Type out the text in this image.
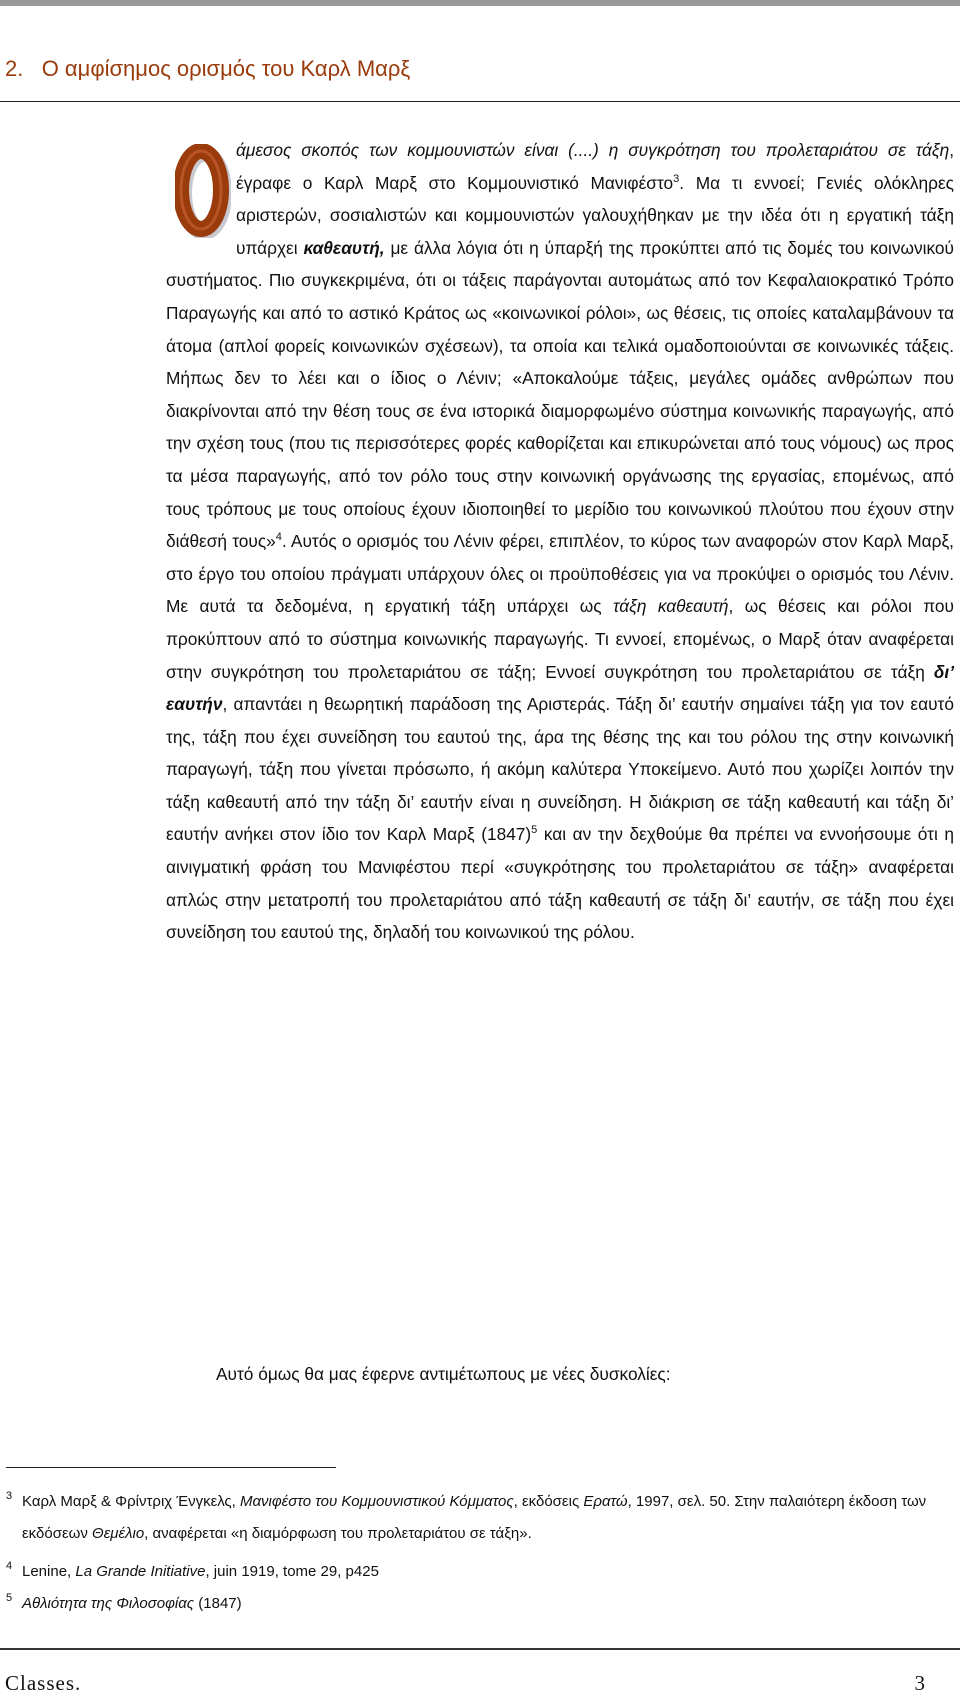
2. Ο αμφίσημος ορισμός του Καρλ Μαρξ

άμεσος σκοπός των κομμουνιστών είναι (....) η συγκρότηση του προλεταριάτου σε τάξη, έγραφε ο Καρλ Μαρξ στο Κομμουνιστικό Μανιφέστο$^3$. Μα τι εννοεί; Γενιές ολόκληρες αριστερών, σοσιαλιστών και κομμουνιστών γαλουχήθηκαν με την ιδέα ότι η εργατική τάξη υπάρχει καθεαυτή, με άλλα λόγια ότι η ύπαρξή της προκύπτει από τις δομές του κοινωνικού συστήματος. Πιο συγκεκριμένα, ότι οι τάξεις παράγονται αυτομάτως από τον Κεφαλαιοκρατικό Τρόπο Παραγωγής και από το αστικό Κράτος ως «κοινωνικοί ρόλοι», ως θέσεις, τις οποίες καταλαμβάνουν τα άτομα (απλοί φορείς κοινωνικών σχέσεων), τα οποία και τελικά ομαδοποιούνται σε κοινωνικές τάξεις. Μήπως δεν το λέει και ο ίδιος ο Λένιν; «Αποκαλούμε τάξεις, μεγάλες ομάδες ανθρώπων που διακρίνονται από την θέση τους σε ένα ιστορικά διαμορφωμένο σύστημα κοινωνικής παραγωγής, από την σχέση τους (που τις περισσότερες φορές καθορίζεται και επικυρώνεται από τους νόμους) ως προς τα μέσα παραγωγής, από τον ρόλο τους στην κοινωνική οργάνωσης της εργασίας, επομένως, από τους τρόπους με τους οποίους έχουν ιδιοποιηθεί το μερίδιο του κοινωνικού πλούτου που έχουν στην διάθεσή τους»$^4$. Αυτός ο ορισμός του Λένιν φέρει, επιπλέον, το κύρος των αναφορών στον Καρλ Μαρξ, στο έργο του οποίου πράγματι υπάρχουν όλες οι προϋποθέσεις για να προκύψει ο ορισμός του Λένιν. Με αυτά τα δεδομένα, η εργατική τάξη υπάρχει ως τάξη καθεαυτή, ως θέσεις και ρόλοι που προκύπτουν από το σύστημα κοινωνικής παραγωγής. Τι εννοεί, επομένως, ο Μαρξ όταν αναφέρεται στην συγκρότηση του προλεταριάτου σε τάξη; Εννοεί συγκρότηση του προλεταριάτου σε τάξη δι’ εαυτήν, απαντάει η θεωρητική παράδοση της Αριστεράς. Τάξη δι’ εαυτήν σημαίνει τάξη για τον εαυτό της, τάξη που έχει συνείδηση του εαυτού της, άρα της θέσης της και του ρόλου της στην κοινωνική παραγωγή, τάξη που γίνεται πρόσωπο, ή ακόμη καλύτερα Υποκείμενο. Αυτό που χωρίζει λοιπόν την τάξη καθεαυτή από την τάξη δι’ εαυτήν είναι η συνείδηση. Η διάκριση σε τάξη καθεαυτή και τάξη δι’ εαυτήν ανήκει στον ίδιο τον Καρλ Μαρξ $(1847)^5$ και αν την δεχθούμε θα πρέπει να εννοήσουμε ότι η αινιγματική φράση του Μανιφέστου περί «συγκρότησης του προλεταριάτου σε τάξη» αναφέρεται απλώς στην μετατροπή του προλεταριάτου από τάξη καθεαυτή σε τάξη δι’ εαυτήν, σε τάξη που έχει συνείδηση του εαυτού της, δηλαδή του κοινωνικού της ρόλου.

Αυτό όμως θα μας έφερνε αντιμέτωπους με νέες δυσκολίες:
3 Καρλ Μαρξ & Φρίντριχ Ένγκελς, Μανιφέστο του Κομμουνιστικού Κόμματος, εκδόσεις Ερατώ, 1997, σελ. 50. Στην παλαιότερη έκδοση των εκδόσεων Θεμέλιο, αναφέρεται «η διαμόρφωση του προλεταριάτου σε τάξη».
4 Lenine, La Grande Initiative, juin 1919, tome 29, p425
5 Αθλιότητα της Φιλοσοφίας (1847)
Classes.	3
